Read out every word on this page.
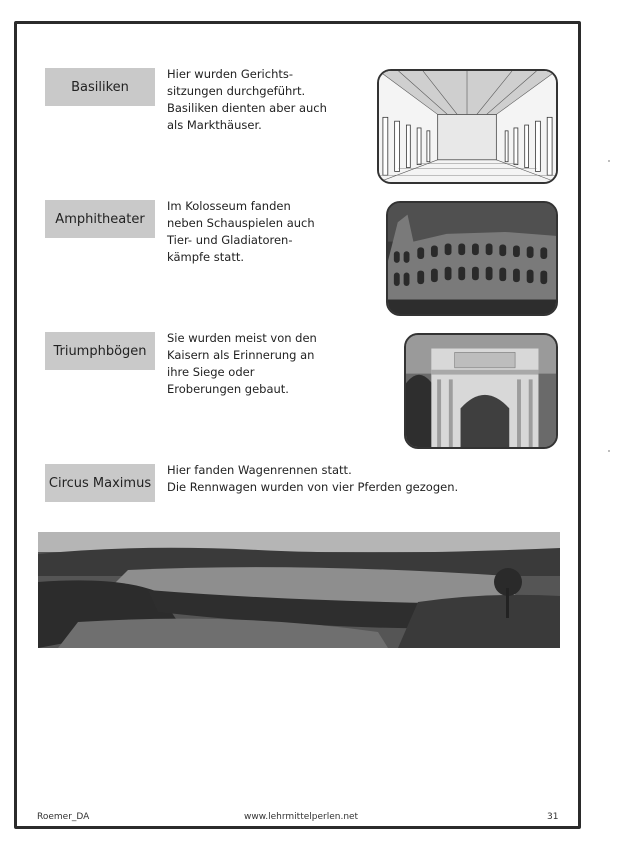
Basiliken
Hier wurden Gerichts-
sitzungen durchgeführt.
Basiliken dienten aber auch
als Markthäuser.
Amphitheater
Im Kolosseum fanden
neben Schauspielen auch
Tier- und Gladiatoren-
kämpfe statt.
Triumphbögen
Sie wurden meist von den
Kaisern als Erinnerung an
ihre Siege oder
Eroberungen gebaut.
Circus Maximus
Hier fanden Wagenrennen statt.
Die Rennwagen wurden von vier Pferden gezogen.
Roemer_DA	www.lehrmittelperlen.net	31
